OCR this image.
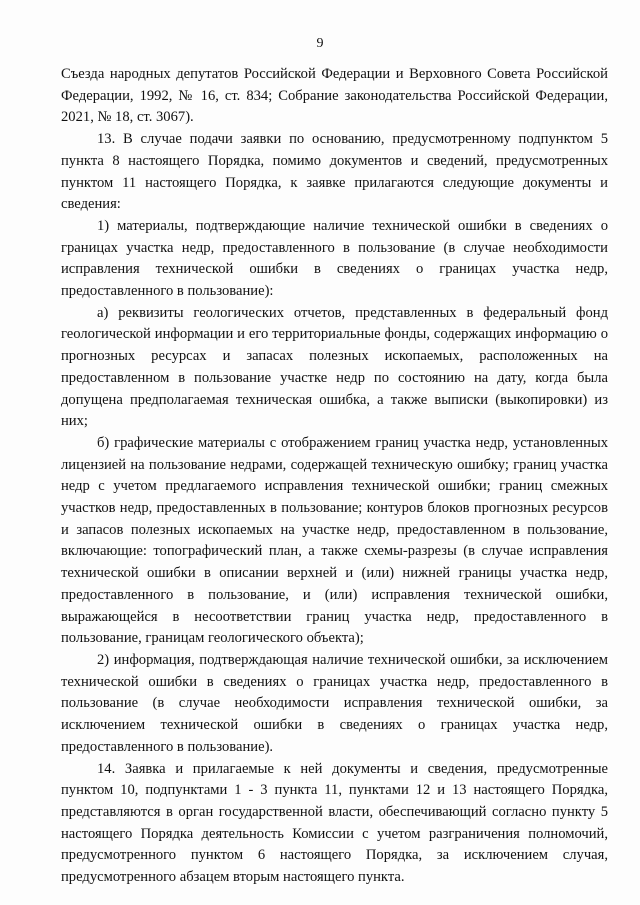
9

Съезда народных депутатов Российской Федерации и Верховного Совета Российской Федерации, 1992, № 16, ст. 834; Собрание законодательства Российской Федерации, 2021, № 18, ст. 3067).

13. В случае подачи заявки по основанию, предусмотренному подпунктом 5 пункта 8 настоящего Порядка, помимо документов и сведений, предусмотренных пунктом 11 настоящего Порядка, к заявке прилагаются следующие документы и сведения:

1) материалы, подтверждающие наличие технической ошибки в сведениях о границах участка недр, предоставленного в пользование (в случае необходимости исправления технической ошибки в сведениях о границах участка недр, предоставленного в пользование):

а) реквизиты геологических отчетов, представленных в федеральный фонд геологической информации и его территориальные фонды, содержащих информацию о прогнозных ресурсах и запасах полезных ископаемых, расположенных на предоставленном в пользование участке недр по состоянию на дату, когда была допущена предполагаемая техническая ошибка, а также выписки (выкопировки) из них;

б) графические материалы с отображением границ участка недр, установленных лицензией на пользование недрами, содержащей техническую ошибку; границ участка недр с учетом предлагаемого исправления технической ошибки; границ смежных участков недр, предоставленных в пользование; контуров блоков прогнозных ресурсов и запасов полезных ископаемых на участке недр, предоставленном в пользование, включающие: топографический план, а также схемы-разрезы (в случае исправления технической ошибки в описании верхней и (или) нижней границы участка недр, предоставленного в пользование, и (или) исправления технической ошибки, выражающейся в несоответствии границ участка недр, предоставленного в пользование, границам геологического объекта);

2) информация, подтверждающая наличие технической ошибки, за исключением технической ошибки в сведениях о границах участка недр, предоставленного в пользование (в случае необходимости исправления технической ошибки, за исключением технической ошибки в сведениях о границах участка недр, предоставленного в пользование).

14. Заявка и прилагаемые к ней документы и сведения, предусмотренные пунктом 10, подпунктами 1 - 3 пункта 11, пунктами 12 и 13 настоящего Порядка, представляются в орган государственной власти, обеспечивающий согласно пункту 5 настоящего Порядка деятельность Комиссии с учетом разграничения полномочий, предусмотренного пунктом 6 настоящего Порядка, за исключением случая, предусмотренного абзацем вторым настоящего пункта.
